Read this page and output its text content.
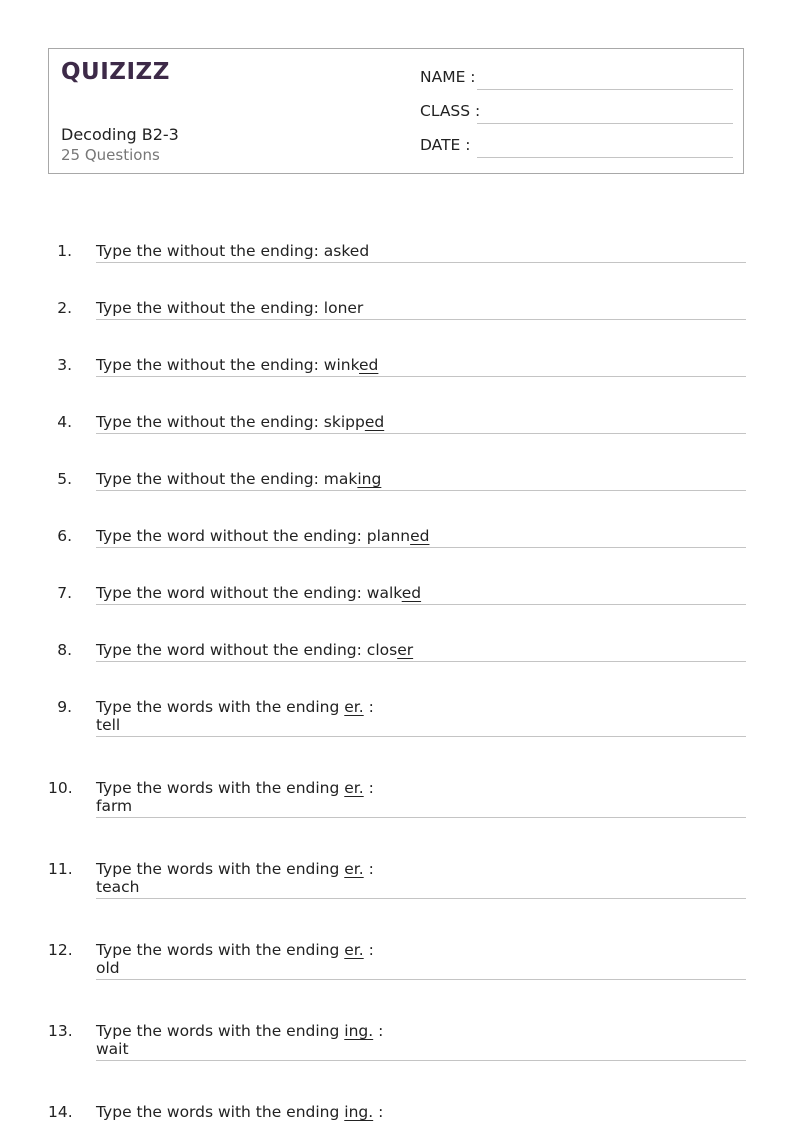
QUIZIZZ
Decoding B2-3
25 Questions
NAME :
CLASS :
DATE :
1. Type the without the ending: asked
2. Type the without the ending: loner
3. Type the without the ending: winked
4. Type the without the ending: skipped
5. Type the without the ending: making
6. Type the word without the ending: planned
7. Type the word without the ending: walked
8. Type the word without the ending: closer
9. Type the words with the ending er. :
tell
10. Type the words with the ending er. :
farm
11. Type the words with the ending er. :
teach
12. Type the words with the ending er. :
old
13. Type the words with the ending ing. :
wait
14. Type the words with the ending ing. :
